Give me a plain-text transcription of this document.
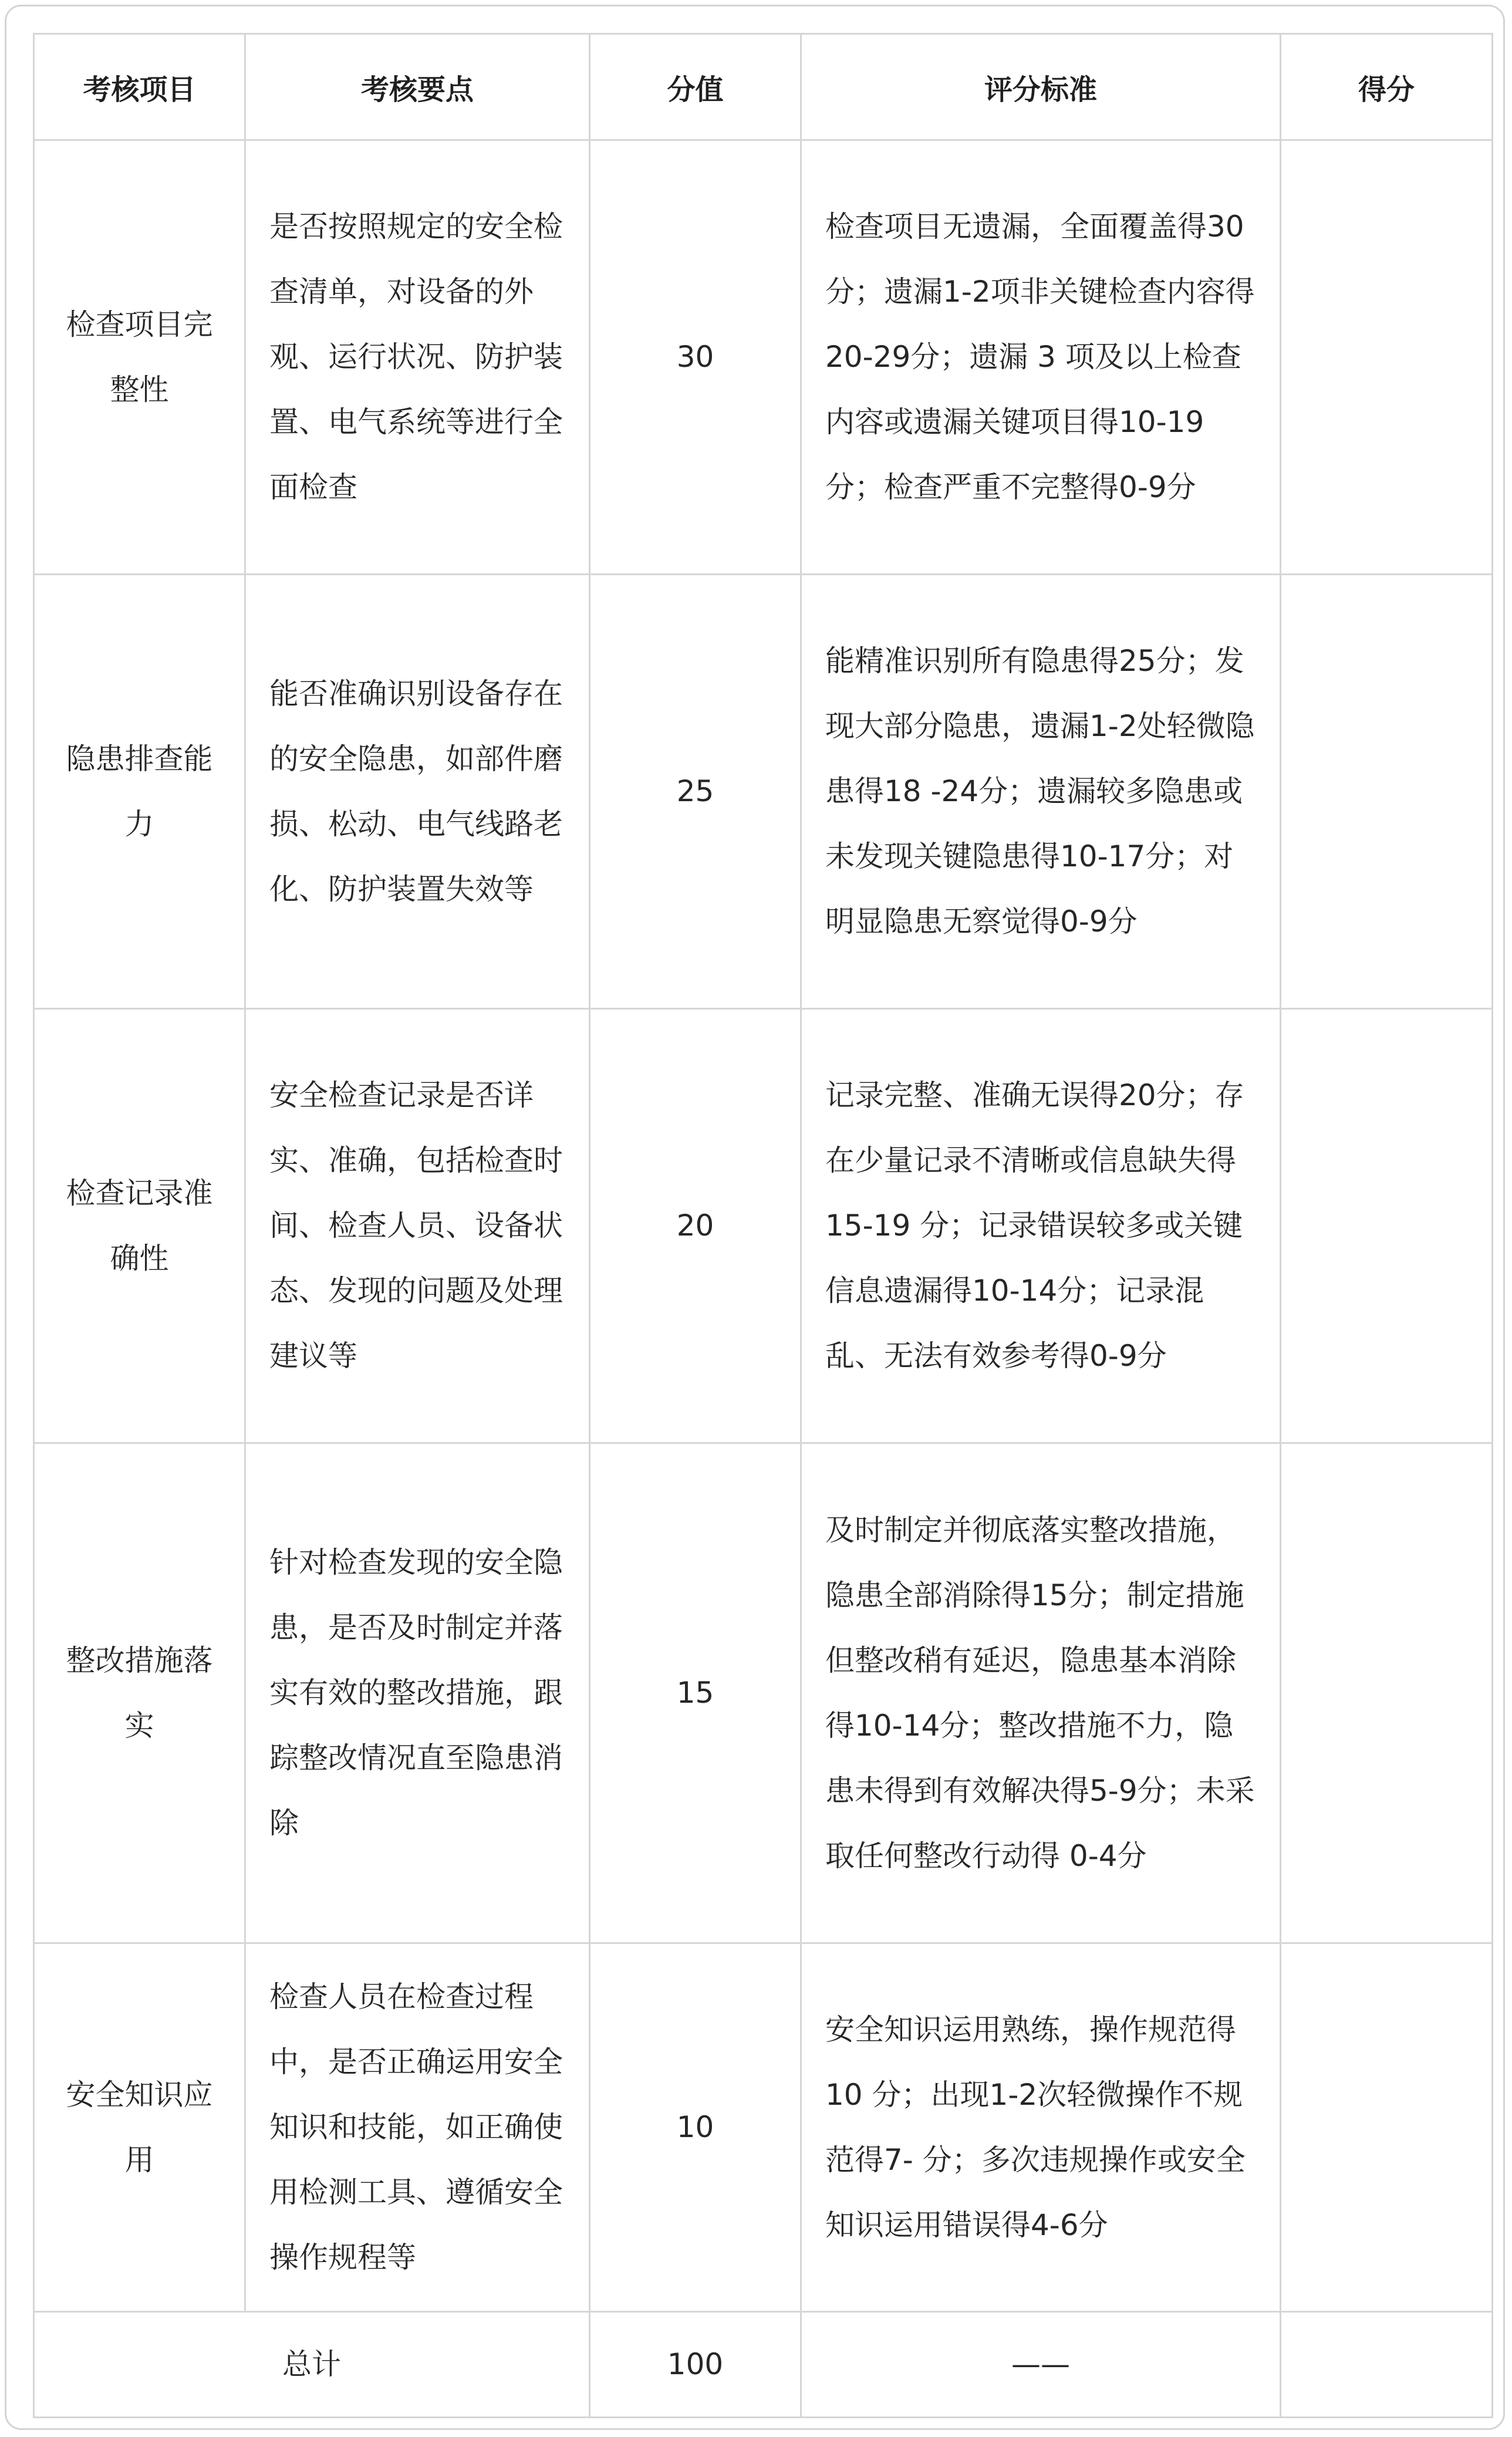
考核项目	考核要点	分值	评分标准	得分
检查项目完整性	是否按照规定的安全检查清单，对设备的外观、运行状况、防护装置、电气系统等进行全面检查	30	检查项目无遗漏，全面覆盖得30分；遗漏1-2项非关键检查内容得20-29分；遗漏 3 项及以上检查内容或遗漏关键项目得10-19分；检查严重不完整得0-9分	
隐患排查能力	能否准确识别设备存在的安全隐患，如部件磨损、松动、电气线路老化、防护装置失效等	25	能精准识别所有隐患得25分；发现大部分隐患，遗漏1-2处轻微隐患得18 -24分；遗漏较多隐患或未发现关键隐患得10-17分；对明显隐患无察觉得0-9分	
检查记录准确性	安全检查记录是否详实、准确，包括检查时间、检查人员、设备状态、发现的问题及处理建议等	20	记录完整、准确无误得20分；存在少量记录不清晰或信息缺失得15-19 分；记录错误较多或关键信息遗漏得10-14分；记录混乱、无法有效参考得0-9分	
整改措施落实	针对检查发现的安全隐患，是否及时制定并落实有效的整改措施，跟踪整改情况直至隐患消除	15	及时制定并彻底落实整改措施，隐患全部消除得15分；制定措施但整改稍有延迟，隐患基本消除得10-14分；整改措施不力，隐患未得到有效解决得5-9分；未采取任何整改行动得 0-4分	
安全知识应用	检查人员在检查过程中，是否正确运用安全知识和技能，如正确使用检测工具、遵循安全操作规程等	10	安全知识运用熟练，操作规范得10 分；出现1-2次轻微操作不规范得7- 分；多次违规操作或安全知识运用错误得4-6分	
总计		100	——	
